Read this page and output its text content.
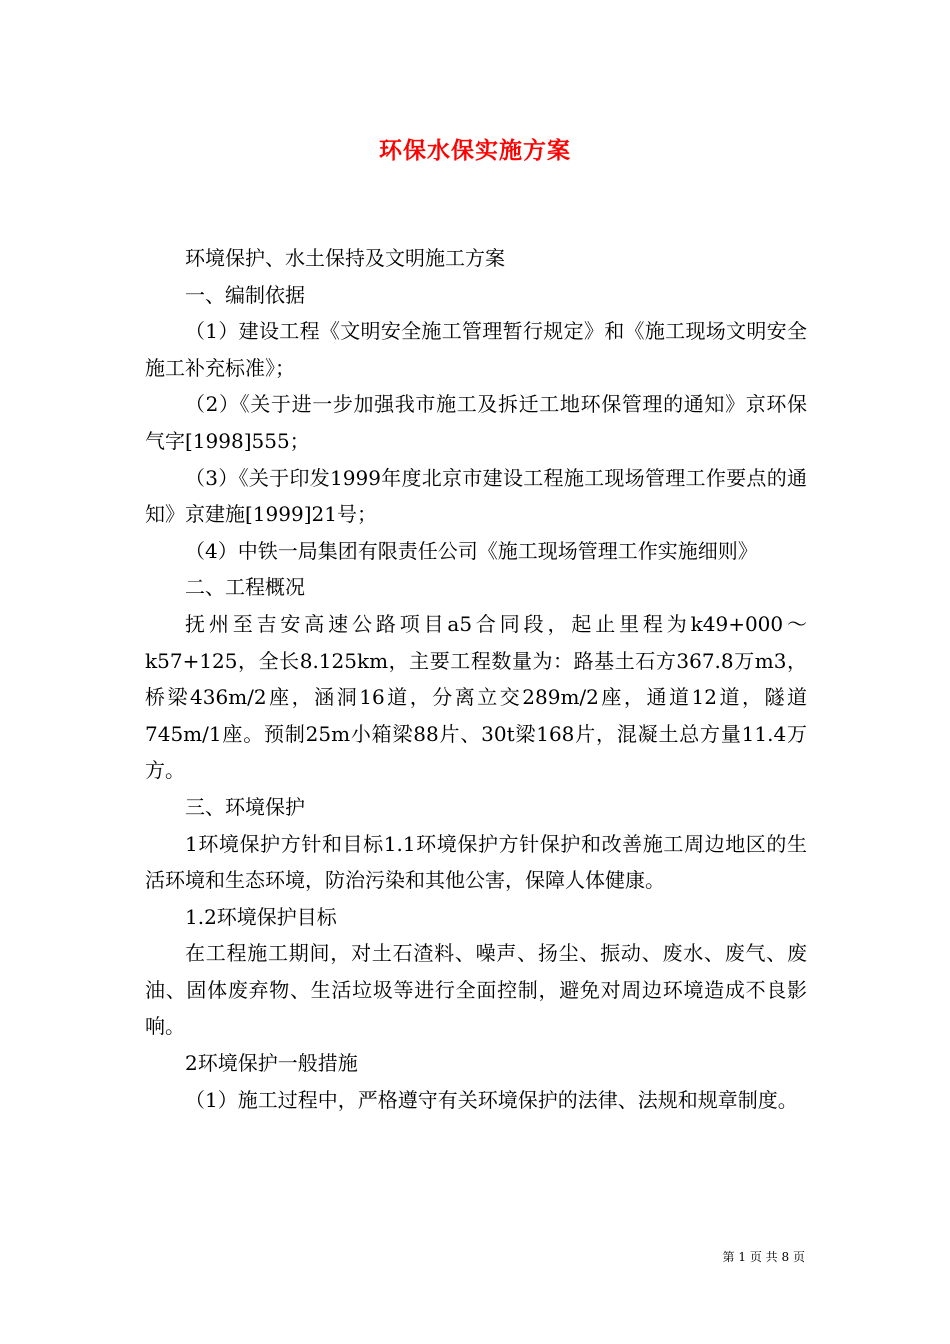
环保水保实施方案

环境保护、水土保持及文明施工方案

一、编制依据

（1）建设工程《文明安全施工管理暂行规定》和《施工现场文明安全施工补充标准》；

（2）《关于进一步加强我市施工及拆迁工地环保管理的通知》京环保气字[1998]555；

（3）《关于印发1999年度北京市建设工程施工现场管理工作要点的通知》京建施[1999]21号；

（4）中铁一局集团有限责任公司《施工现场管理工作实施细则》

二、工程概况

抚州至吉安高速公路项目a5合同段，起止里程为k49+000～k57+125，全长8.125km，主要工程数量为：路基土石方367.8万m3，桥梁436m/2座，涵洞16道，分离立交289m/2座，通道12道，隧道745m/1座。预制25m小箱梁88片、30t梁168片，混凝土总方量11.4万方。

三、环境保护

1环境保护方针和目标1.1环境保护方针保护和改善施工周边地区的生活环境和生态环境，防治污染和其他公害，保障人体健康。

1.2环境保护目标

在工程施工期间，对土石渣料、噪声、扬尘、振动、废水、废气、废油、固体废弃物、生活垃圾等进行全面控制，避免对周边环境造成不良影响。

2环境保护一般措施

（1）施工过程中，严格遵守有关环境保护的法律、法规和规章制度。

第 1 页 共 8 页
